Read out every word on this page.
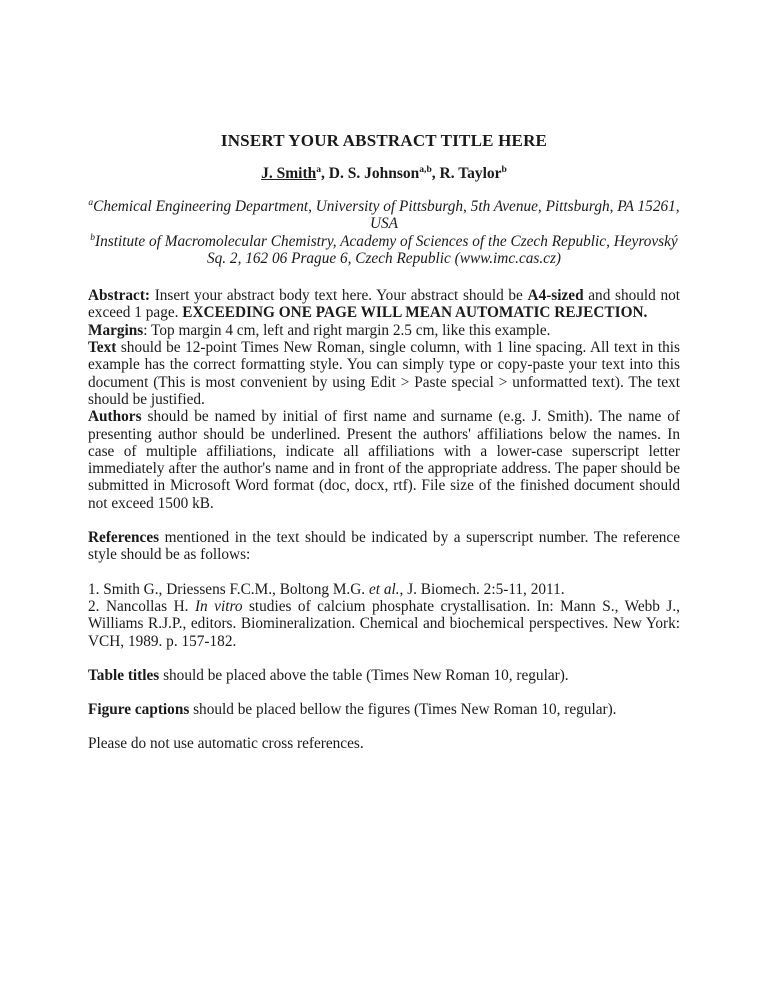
INSERT YOUR ABSTRACT TITLE HERE

J. Smith$^a$, D. S. Johnson$^{a,b}$, R. Taylor$^b$

$^a$Chemical Engineering Department, University of Pittsburgh, 5th Avenue, Pittsburgh, PA 15261, USA

$^b$Institute of Macromolecular Chemistry, Academy of Sciences of the Czech Republic, Heyrovský Sq. 2, 162 06 Prague 6, Czech Republic (www.imc.cas.cz)

Abstract: Insert your abstract body text here. Your abstract should be A4-sized and should not exceed 1 page. EXCEEDING ONE PAGE WILL MEAN AUTOMATIC REJECTION.

Margins: Top margin 4 cm, left and right margin 2.5 cm, like this example.

Text should be 12-point Times New Roman, single column, with 1 line spacing. All text in this example has the correct formatting style. You can simply type or copy-paste your text into this document (This is most convenient by using Edit > Paste special > unformatted text). The text should be justified.

Authors should be named by initial of first name and surname (e.g. J. Smith). The name of presenting author should be underlined. Present the authors' affiliations below the names. In case of multiple affiliations, indicate all affiliations with a lower-case superscript letter immediately after the author's name and in front of the appropriate address. The paper should be submitted in Microsoft Word format (doc, docx, rtf). File size of the finished document should not exceed 1500 kB.

References mentioned in the text should be indicated by a superscript number. The reference style should be as follows:

1. Smith G., Driessens F.C.M., Boltong M.G. et al., J. Biomech. 2:5-11, 2011.

2. Nancollas H. In vitro studies of calcium phosphate crystallisation. In: Mann S., Webb J., Williams R.J.P., editors. Biomineralization. Chemical and biochemical perspectives. New York: VCH, 1989. p. 157-182.

Table titles should be placed above the table (Times New Roman 10, regular).

Figure captions should be placed bellow the figures (Times New Roman 10, regular).

Please do not use automatic cross references.
